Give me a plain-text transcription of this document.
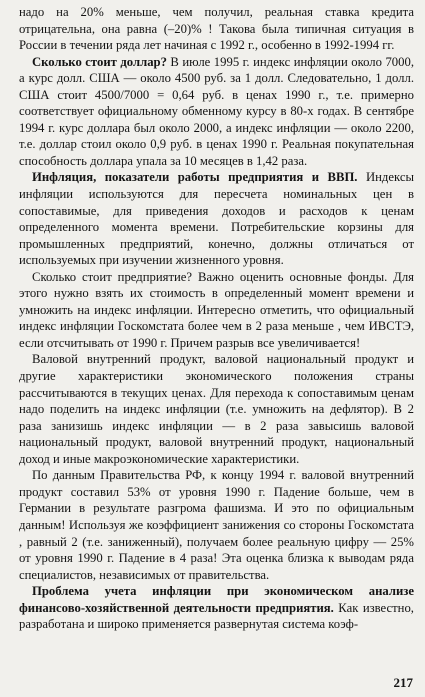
надо на 20% меньше, чем получил, реальная ставка кредита отрицательна, она равна (–20)% ! Такова была типичная ситуация в России в течении ряда лет начиная с 1992 г., особенно в 1992-1994 гг.

Сколько стоит доллар? В июле 1995 г. индекс инфляции около 7000, а курс долл. США — около 4500 руб. за 1 долл. Следовательно, 1 долл. США стоит 4500/7000 = 0,64 руб. в ценах 1990 г., т.е. примерно соответствует официальному обменному курсу в 80-х годах. В сентябре 1994 г. курс доллара был около 2000, а индекс инфляции — около 2200, т.е. доллар стоил около 0,9 руб. в ценах 1990 г. Реальная покупательная способность доллара упала за 10 месяцев в 1,42 раза.

Инфляция, показатели работы предприятия и ВВП. Индексы инфляции используются для пересчета номинальных цен в сопоставимые, для приведения доходов и расходов к ценам определенного момента времени. Потребительские корзины для промышленных предприятий, конечно, должны отличаться от используемых при изучении жизненного уровня.

Сколько стоит предприятие? Важно оценить основные фонды. Для этого нужно взять их стоимость в определенный момент времени и умножить на индекс инфляции. Интересно отметить, что официальный индекс инфляции Госкомстата более чем в 2 раза меньше , чем ИВСТЭ, если отсчитывать от 1990 г. Причем разрыв все увеличивается!

Валовой внутренний продукт, валовой национальный продукт и другие характеристики экономического положения страны рассчитываются в текущих ценах. Для перехода к сопоставимым ценам надо поделить на индекс инфляции (т.е. умножить на дефлятор). В 2 раза занизишь индекс инфляции — в 2 раза завысишь валовой национальный продукт, валовой внутренний продукт, национальный доход и иные макроэкономические характеристики.

По данным Правительства РФ, к концу 1994 г. валовой внутренний продукт составил 53% от уровня 1990 г. Падение больше, чем в Германии в результате разгрома фашизма. И это по официальным данным! Используя же коэффициент занижения со стороны Госкомстата , равный 2 (т.е. заниженный), получаем более реальную цифру — 25% от уровня 1990 г. Падение в 4 раза! Эта оценка близка к выводам ряда специалистов, независимых от правительства.

Проблема учета инфляции при экономическом анализе финансово-хозяйственной деятельности предприятия. Как известно, разработана и широко применяется развернутая система коэф-

217
